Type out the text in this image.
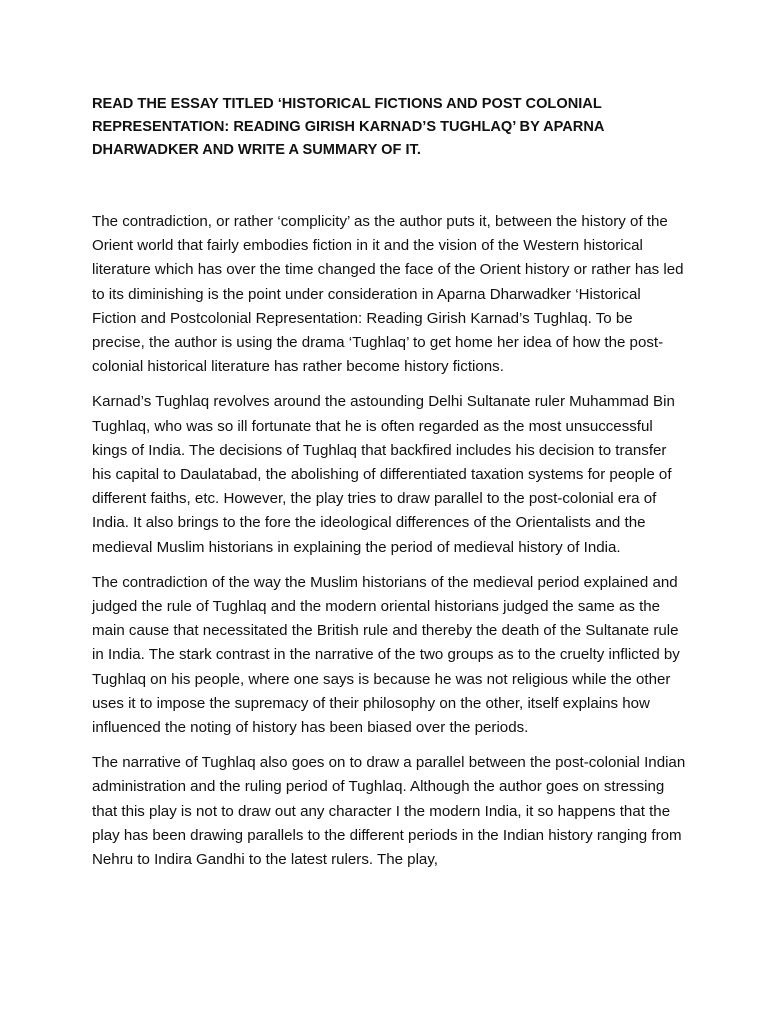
READ THE ESSAY TITLED ‘HISTORICAL FICTIONS AND POST COLONIAL REPRESENTATION: READING GIRISH KARNAD’S TUGHLAQ’ BY APARNA DHARWADKER AND WRITE A SUMMARY OF IT.

The contradiction, or rather ‘complicity’ as the author puts it, between the history of the Orient world that fairly embodies fiction in it and the vision of the Western historical literature which has over the time changed the face of the Orient history or rather has led to its diminishing is the point under consideration in Aparna Dharwadker ‘Historical Fiction and Postcolonial Representation: Reading Girish Karnad’s Tughlaq. To be precise, the author is using the drama ‘Tughlaq’ to get home her idea of how the post-colonial historical literature has rather become history fictions.

Karnad’s Tughlaq revolves around the astounding Delhi Sultanate ruler Muhammad Bin Tughlaq, who was so ill fortunate that he is often regarded as the most unsuccessful kings of India. The decisions of Tughlaq that backfired includes his decision to transfer his capital to Daulatabad, the abolishing of differentiated taxation systems for people of different faiths, etc. However, the play tries to draw parallel to the post-colonial era of India. It also brings to the fore the ideological differences of the Orientalists and the medieval Muslim historians in explaining the period of medieval history of India.

The contradiction of the way the Muslim historians of the medieval period explained and judged the rule of Tughlaq and the modern oriental historians judged the same as the main cause that necessitated the British rule and thereby the death of the Sultanate rule in India. The stark contrast in the narrative of the two groups as to the cruelty inflicted by Tughlaq on his people, where one says is because he was not religious while the other uses it to impose the supremacy of their philosophy on the other, itself explains how influenced the noting of history has been biased over the periods.

The narrative of Tughlaq also goes on to draw a parallel between the post-colonial Indian administration and the ruling period of Tughlaq. Although the author goes on stressing that this play is not to draw out any character I the modern India, it so happens that the play has been drawing parallels to the different periods in the Indian history ranging from Nehru to Indira Gandhi to the latest rulers. The play,
